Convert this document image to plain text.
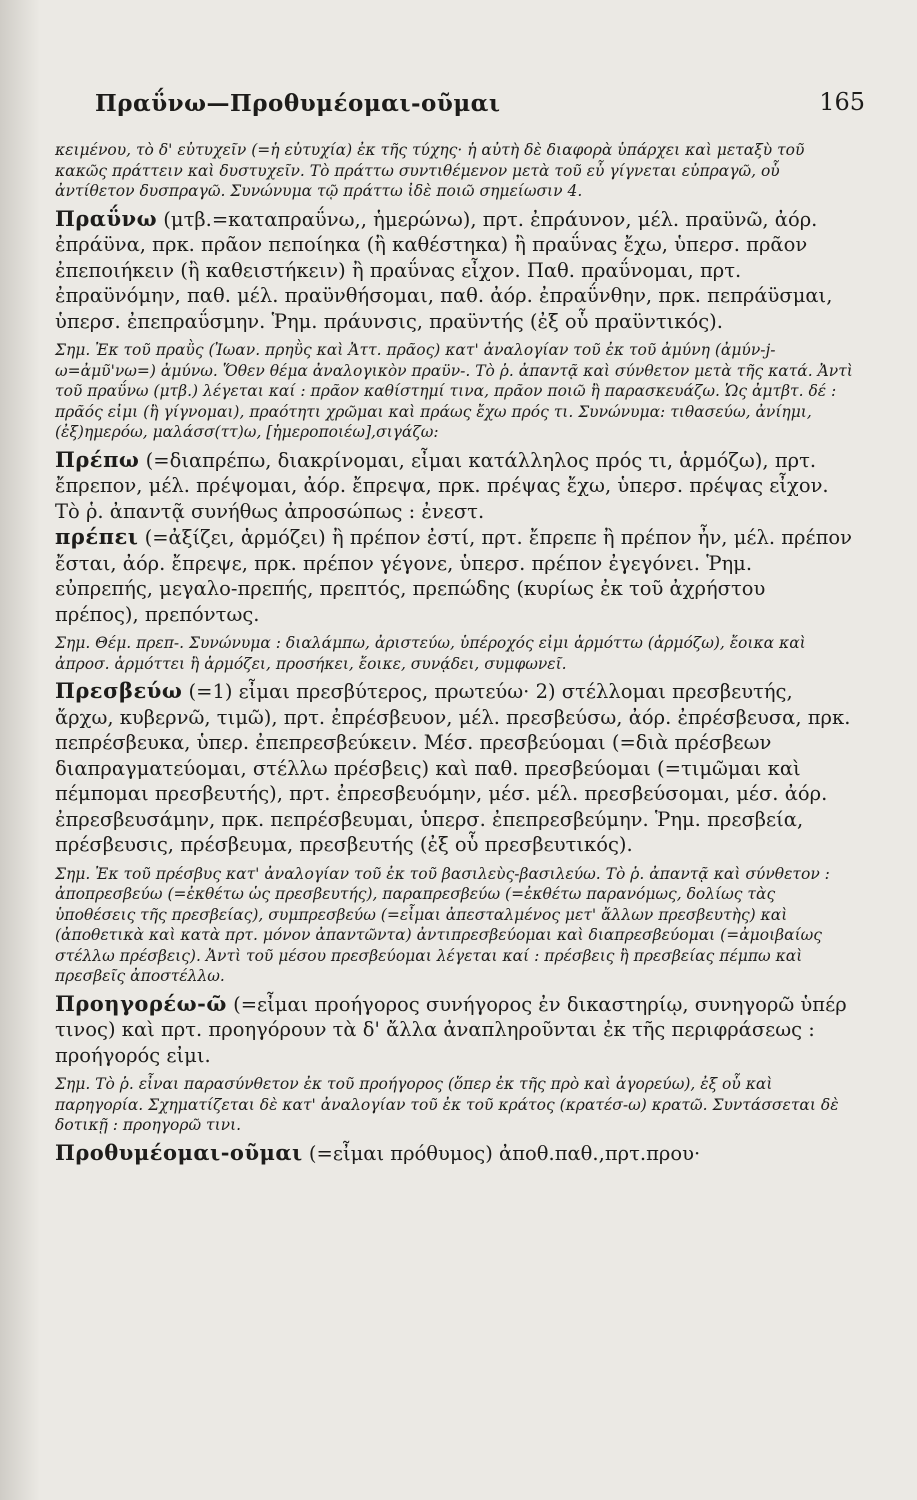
Πραΰνω—Προθυμέομαι-οῦμαι	165

κειμένου, τὸ δ' εὐτυχεῖν (=ἡ εὐτυχία) ἐκ τῆς τύχης· ἡ αὐτὴ δὲ διαφορὰ ὑπάρχει καὶ μεταξὺ τοῦ κακῶς πράττειν καὶ δυστυχεῖν. Τὸ πράττω συντιθέμενον μετὰ τοῦ εὖ γίγνεται εὐπραγῶ, οὗ ἀντίθετον δυσπραγῶ. Συνώνυμα τῷ πράττω ἰδὲ ποιῶ σημείωσιν 4.

Πραΰνω (μτβ.=καταπραΰνω,, ἡμερώνω), πρτ. ἐπράυνον, μέλ. πραϋνῶ, ἀόρ. ἐπράϋνα, πρκ. πρᾶον πεποίηκα (ἢ καθέστηκα) ἢ πραΰνας ἔχω, ὑπερσ. πρᾶον ἐπεποιήκειν (ἢ καθειστήκειν) ἢ πραΰνας εἶχον. Παθ. πραΰνομαι, πρτ. ἐπραϋνόμην, παθ. μέλ. πραϋνθήσομαι, παθ. ἀόρ. ἐπραΰνθην, πρκ. πεπράϋσμαι, ὑπερσ. ἐπεπραΰσμην. Ῥημ. πράυνσις, πραϋντής (ἐξ οὗ πραϋντικός).

Σημ. Ἐκ τοῦ πραῢς (Ἰωαν. πρηῢς καὶ Ἀττ. πρᾶος) κατ' ἀναλογίαν τοῦ ἐκ τοῦ ἀμύνη (ἀμύν-j-ω=ἀμῦ'νω=) ἀμύνω. Ὅθεν θέμα ἀναλογικὸν πραϋν-. Τὸ ῥ. ἀπαντᾷ καὶ σύνθετον μετὰ τῆς κατά. Ἀντὶ τοῦ πραΰνω (μτβ.) λέγεται καί : πρᾶον καθίστημί τινα, πρᾶον ποιῶ ἢ παρασκευάζω. Ὡς ἀμτβτ. δέ : πρᾶός εἰμι (ἢ γίγνομαι), πραότητι χρῶμαι καὶ πράως ἔχω πρός τι. Συνώνυμα: τιθασεύω, ἀνίημι, (ἐξ)ημερόω, μαλάσσ(ττ)ω, [ἡμεροποιέω],σιγάζω:

Πρέπω (=διαπρέπω, διακρίνομαι, εἶμαι κατάλληλος πρός τι, ἁρμόζω), πρτ. ἔπρεπον, μέλ. πρέψομαι, ἀόρ. ἔπρεψα, πρκ. πρέψας ἔχω, ὑπερσ. πρέψας εἶχον. Τὸ ῥ. ἀπαντᾷ συνήθως ἀπροσώπως : ἐνεστ.

πρέπει (=ἀξίζει, ἁρμόζει) ἢ πρέπον ἐστί, πρτ. ἔπρεπε ἢ πρέπον ἦν, μέλ. πρέπον ἔσται, ἀόρ. ἔπρεψε, πρκ. πρέπον γέγονε, ὑπερσ. πρέπον ἐγεγόνει. Ῥημ. εὐπρεπής, μεγαλο-πρεπής, πρεπτός, πρεπώδης (κυρίως ἐκ τοῦ ἀχρήστου πρέπος), πρεπόντως.

Σημ. Θέμ. πρεπ-. Συνώνυμα : διαλάμπω, ἀριστεύω, ὑπέροχός εἰμι ἁρμόττω (ἁρμόζω), ἔοικα καὶ ἀπροσ. ἁρμόττει ἢ ἁρμόζει, προσήκει, ἔοικε, συνᾴδει, συμφωνεῖ.

Πρεσβεύω (=1) εἶμαι πρεσβύτερος, πρωτεύω· 2) στέλλομαι πρεσβευτής, ἄρχω, κυβερνῶ, τιμῶ), πρτ. ἐπρέσβευον, μέλ. πρεσβεύσω, ἀόρ. ἐπρέσβευσα, πρκ. πεπρέσβευκα, ὑπερ. ἐπεπρεσβεύκειν. Μέσ. πρεσβεύομαι (=διὰ πρέσβεων διαπραγματεύομαι, στέλλω πρέσβεις) καὶ παθ. πρεσβεύομαι (=τιμῶμαι καὶ πέμπομαι πρεσβευτής), πρτ. ἐπρεσβευόμην, μέσ. μέλ. πρεσβεύσομαι, μέσ. ἀόρ. ἐπρεσβευσάμην, πρκ. πεπρέσβευμαι, ὑπερσ. ἐπεπρεσβεύμην. Ῥημ. πρεσβεία, πρέσβευσις, πρέσβευμα, πρεσβευτής (ἐξ οὗ πρεσβευτικός).

Σημ. Ἐκ τοῦ πρέσβυς κατ' ἀναλογίαν τοῦ ἐκ τοῦ βασιλεὺς-βασιλεύω. Τὸ ῥ. ἀπαντᾷ καὶ σύνθετον : ἀποπρεσβεύω (=ἐκθέτω ὡς πρεσβευτής), παραπρεσβεύω (=ἐκθέτω παρανόμως, δολίως τὰς ὑποθέσεις τῆς πρεσβείας), συμπρεσβεύω (=εἶμαι ἀπεσταλμένος μετ' ἄλλων πρεσβευτὴς) καὶ (ἀποθετικὰ καὶ κατὰ πρτ. μόνον ἀπαντῶντα) ἀντιπρεσβεύομαι καὶ διαπρεσβεύομαι (=ἀμοιβαίως στέλλω πρέσβεις). Ἀντὶ τοῦ μέσου πρεσβεύομαι λέγεται καί : πρέσβεις ἢ πρεσβείας πέμπω καὶ πρεσβεῖς ἀποστέλλω.

Προηγορέω-ῶ (=εἶμαι προήγορος συνήγορος ἐν δικαστηρίῳ, συνηγορῶ ὑπέρ τινος) καὶ πρτ. προηγόρουν τὰ δ' ἄλλα ἀναπληροῦνται ἐκ τῆς περιφράσεως : προήγορός εἰμι.

Σημ. Τὸ ῥ. εἶναι παρασύνθετον ἐκ τοῦ προήγορος (ὅπερ ἐκ τῆς πρὸ καὶ ἀγορεύω), ἐξ οὗ καὶ παρηγορία. Σχηματίζεται δὲ κατ' ἀναλογίαν τοῦ ἐκ τοῦ κράτος (κρατέσ-ω) κρατῶ. Συντάσσεται δὲ δοτικῇ : προηγορῶ τινι.

Προθυμέομαι-οῦμαι (=εἶμαι πρόθυμος) ἀποθ.παθ.,πρτ.πρου·
